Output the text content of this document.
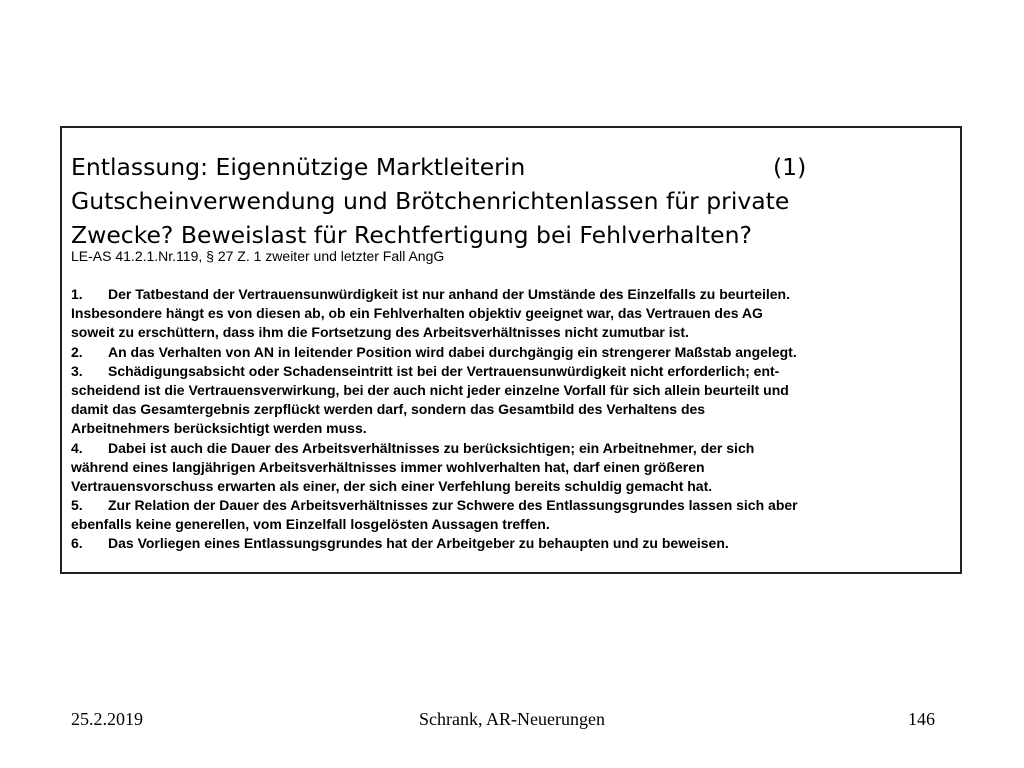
Entlassung: Eigennützige Marktleiterin	(1)
Gutscheinverwendung und Brötchenrichtenlassen für private
Zwecke? Beweislast für Rechtfertigung bei Fehlverhalten?
LE-AS 41.2.1.Nr.119, § 27 Z. 1 zweiter und letzter Fall AngG
1. Der Tatbestand der Vertrauensunwürdigkeit ist nur anhand der Umstände des Einzelfalls zu beurteilen.
Insbesondere hängt es von diesen ab, ob ein Fehlverhalten objektiv geeignet war, das Vertrauen des AG
soweit zu erschüttern, dass ihm die Fortsetzung des Arbeitsverhältnisses nicht zumutbar ist.
2. An das Verhalten von AN in leitender Position wird dabei durchgängig ein strengerer Maßstab angelegt.
3. Schädigungsabsicht oder Schadenseintritt ist bei der Vertrauensunwürdigkeit nicht erforderlich; ent-
scheidend ist die Vertrauensverwirkung, bei der auch nicht jeder einzelne Vorfall für sich allein beurteilt und
damit das Gesamtergebnis zerpflückt werden darf, sondern das Gesamtbild des Verhaltens des
Arbeitnehmers berücksichtigt werden muss.
4. Dabei ist auch die Dauer des Arbeitsverhältnisses zu berücksichtigen; ein Arbeitnehmer, der sich
während eines langjährigen Arbeitsverhältnisses immer wohlverhalten hat, darf einen größeren
Vertrauensvorschuss erwarten als einer, der sich einer Verfehlung bereits schuldig gemacht hat.
5. Zur Relation der Dauer des Arbeitsverhältnisses zur Schwere des Entlassungsgrundes lassen sich aber
ebenfalls keine generellen, vom Einzelfall losgelösten Aussagen treffen.
6. Das Vorliegen eines Entlassungsgrundes hat der Arbeitgeber zu behaupten und zu beweisen.
25.2.2019	Schrank, AR-Neuerungen	146
